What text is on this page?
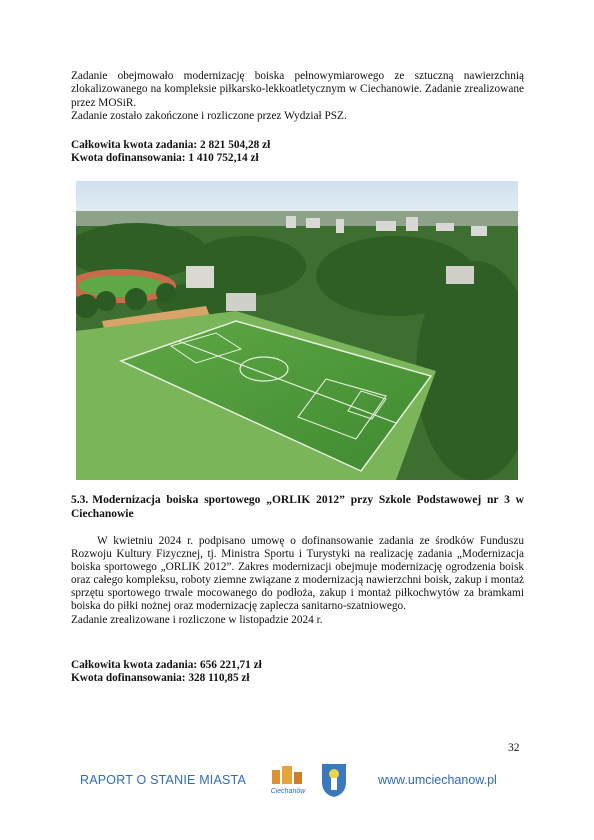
Zadanie obejmowało modernizację boiska pełnowymiarowego ze sztuczną nawierzchnią zlokalizowanego na kompleksie piłkarsko-lekkoatletycznym w Ciechanowie. Zadanie zrealizowane przez MOSiR.
Zadanie zostało zakończone i rozliczone przez Wydział PSZ.
Całkowita kwota zadania: 2 821 504,28 zł
Kwota dofinansowania: 1 410 752,14 zł
5.3. Modernizacja boiska sportowego „ORLIK 2012” przy Szkole Podstawowej nr 3 w Ciechanowie
W kwietniu 2024 r. podpisano umowę o dofinansowanie zadania ze środków Funduszu Rozwoju Kultury Fizycznej, tj. Ministra Sportu i Turystyki na realizację zadania „Modernizacja boiska sportowego „ORLIK 2012”. Zakres modernizacji obejmuje modernizację ogrodzenia boisk oraz całego kompleksu, roboty ziemne związane z modernizacją nawierzchni boisk, zakup i montaż sprzętu sportowego trwale mocowanego do podłoża, zakup i montaż piłkochwytów za bramkami boiska do piłki nożnej oraz modernizację zaplecza sanitarno-szatniowego.
Zadanie zrealizowane i rozliczone w listopadzie 2024 r.
Całkowita kwota zadania: 656 221,71 zł
Kwota dofinansowania: 328 110,85 zł
32
RAPORT O STANIE MIASTA
Ciechanów
www.umciechanow.pl
